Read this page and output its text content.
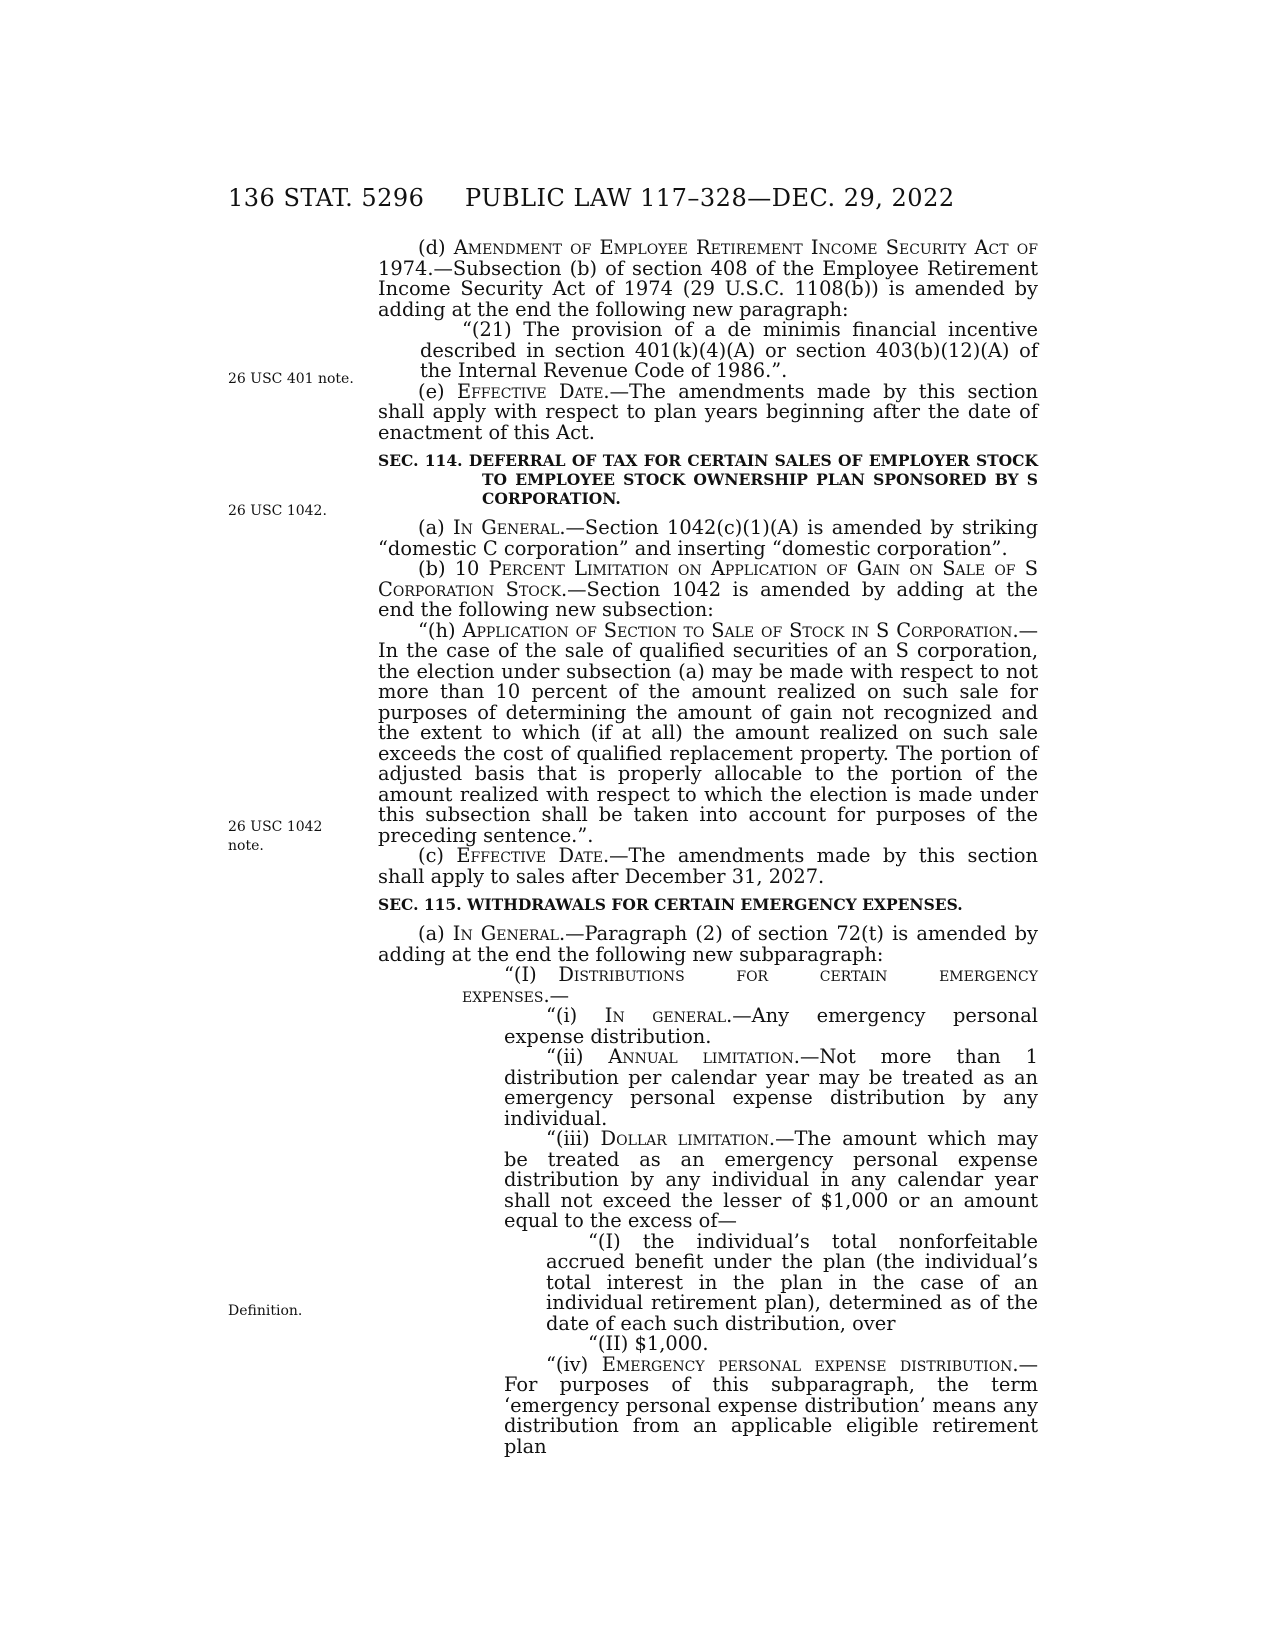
136 STAT. 5296 PUBLIC LAW 117–328—DEC. 29, 2022
26 USC 401 note.
26 USC 1042.
26 USC 1042
note.
Definition.

(d) Amendment of Employee Retirement Income Security Act of 1974.—Subsection (b) of section 408 of the Employee Retirement Income Security Act of 1974 (29 U.S.C. 1108(b)) is amended by adding at the end the following new paragraph:

“(21) The provision of a de minimis financial incentive described in section 401(k)(4)(A) or section 403(b)(12)(A) of the Internal Revenue Code of 1986.”.

(e) Effective Date.—The amendments made by this section shall apply with respect to plan years beginning after the date of enactment of this Act.

SEC. 114. DEFERRAL OF TAX FOR CERTAIN SALES OF EMPLOYER STOCK TO EMPLOYEE STOCK OWNERSHIP PLAN SPONSORED BY S CORPORATION.

(a) In General.—Section 1042(c)(1)(A) is amended by striking “domestic C corporation” and inserting “domestic corporation”.

(b) 10 Percent Limitation on Application of Gain on Sale of S Corporation Stock.—Section 1042 is amended by adding at the end the following new subsection:

“(h) Application of Section to Sale of Stock in S Corporation.—In the case of the sale of qualified securities of an S corporation, the election under subsection (a) may be made with respect to not more than 10 percent of the amount realized on such sale for purposes of determining the amount of gain not recognized and the extent to which (if at all) the amount realized on such sale exceeds the cost of qualified replacement property. The portion of adjusted basis that is properly allocable to the portion of the amount realized with respect to which the election is made under this subsection shall be taken into account for purposes of the preceding sentence.”.

(c) Effective Date.—The amendments made by this section shall apply to sales after December 31, 2027.

SEC. 115. WITHDRAWALS FOR CERTAIN EMERGENCY EXPENSES.

(a) In General.—Paragraph (2) of section 72(t) is amended by adding at the end the following new subparagraph:

“(I) Distributions for certain emergency expenses.—

“(i) In general.—Any emergency personal expense distribution.

“(ii) Annual limitation.—Not more than 1 distribution per calendar year may be treated as an emergency personal expense distribution by any individual.

“(iii) Dollar limitation.—The amount which may be treated as an emergency personal expense distribution by any individual in any calendar year shall not exceed the lesser of $1,000 or an amount equal to the excess of—

“(I) the individual’s total nonforfeitable accrued benefit under the plan (the individual’s total interest in the plan in the case of an individual retirement plan), determined as of the date of each such distribution, over

“(II) $1,000.

“(iv) Emergency personal expense distribution.—For purposes of this subparagraph, the term ‘emergency personal expense distribution’ means any distribution from an applicable eligible retirement plan
